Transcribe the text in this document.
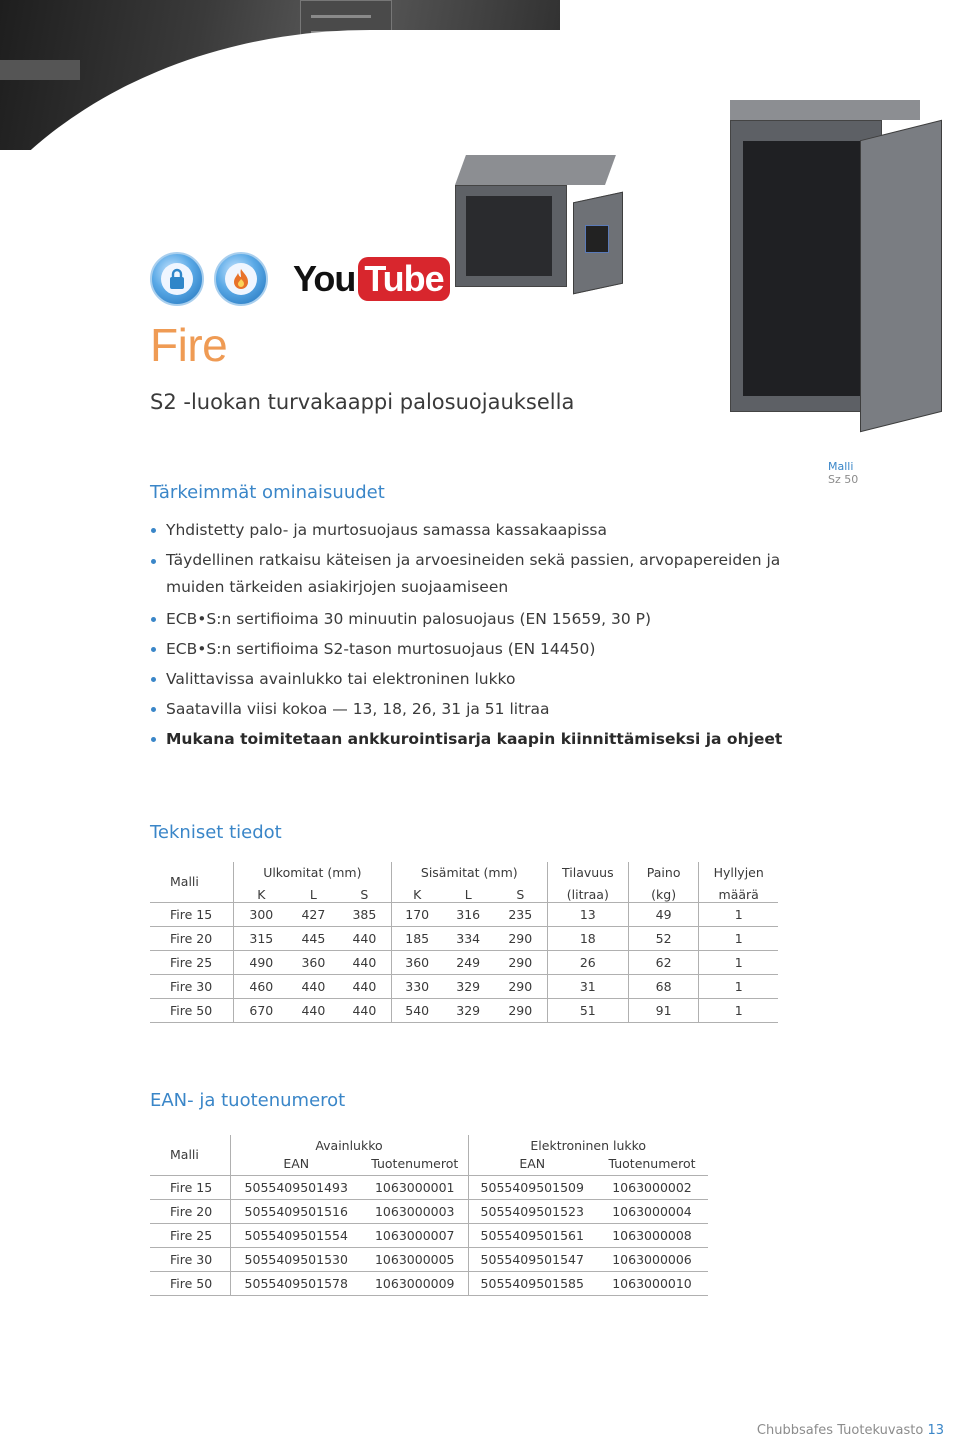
You Tube
Fire
S2 -luokan turvakaappi palosuojauksella
Malli
Sz 50
Tärkeimmät ominaisuudet
Yhdistetty palo- ja murtosuojaus samassa kassakaapissa
Täydellinen ratkaisu käteisen ja arvoesineiden sekä passien, arvopapereiden ja muiden tärkeiden asiakirjojen suojaamiseen
ECB•S:n sertifioima 30 minuutin palosuojaus (EN 15659, 30 P)
ECB•S:n sertifioima S2-tason murtosuojaus (EN 14450)
Valittavissa avainlukko tai elektroninen lukko
Saatavilla viisi kokoa — 13, 18, 26, 31 ja 51 litraa
Mukana toimitetaan ankkurointisarja kaapin kiinnittämiseksi ja ohjeet
Tekniset tiedot
Malli	Ulkomitat (mm)			Sisämitat (mm)			Tilavuus	Paino	Hyllyjen
	K	L	S	K	L	S	(litraa)	(kg)	määrä
Fire 15	300	427	385	170	316	235	13	49	1
Fire 20	315	445	440	185	334	290	18	52	1
Fire 25	490	360	440	360	249	290	26	62	1
Fire 30	460	440	440	330	329	290	31	68	1
Fire 50	670	440	440	540	329	290	51	91	1
EAN- ja tuotenumerot
Malli	Avainlukko		Elektroninen lukko	
	EAN	Tuotenumerot	EAN	Tuotenumerot
Fire 15	5055409501493	1063000001	5055409501509	1063000002
Fire 20	5055409501516	1063000003	5055409501523	1063000004
Fire 25	5055409501554	1063000007	5055409501561	1063000008
Fire 30	5055409501530	1063000005	5055409501547	1063000006
Fire 50	5055409501578	1063000009	5055409501585	1063000010
Chubbsafes Tuotekuvasto 13
